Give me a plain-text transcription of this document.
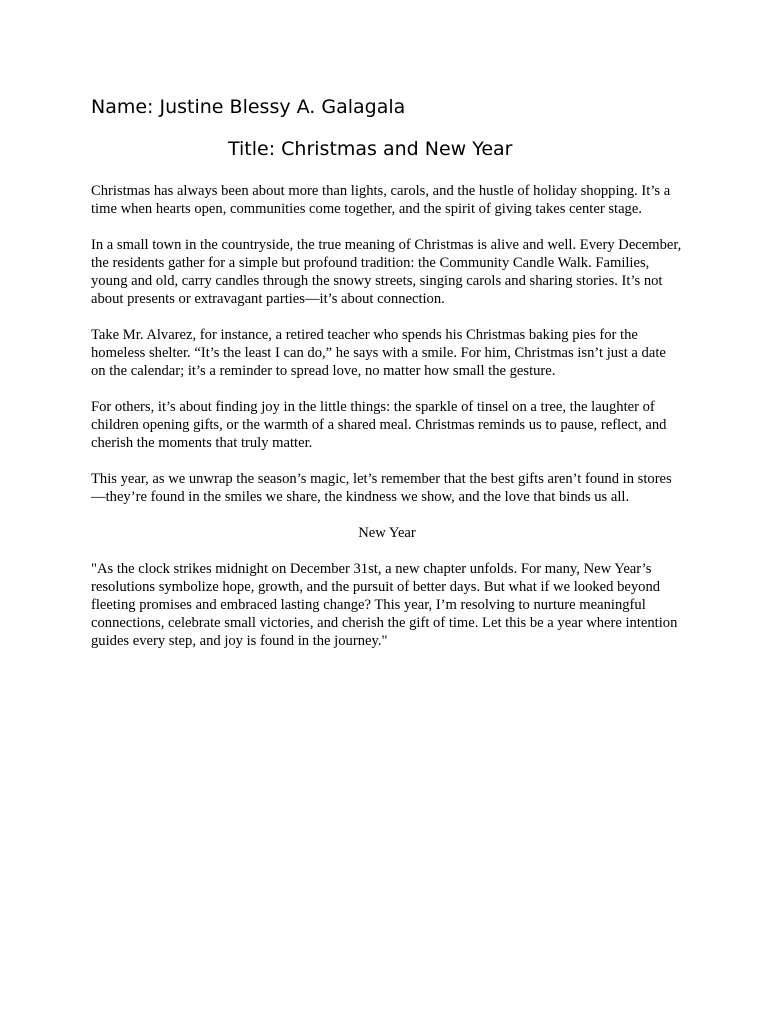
Name: Justine Blessy A. Galagala
Title: Christmas and New Year

Christmas has always been about more than lights, carols, and the hustle of holiday shopping. It’s a time when hearts open, communities come together, and the spirit of giving takes center stage.

In a small town in the countryside, the true meaning of Christmas is alive and well. Every December, the residents gather for a simple but profound tradition: the Community Candle Walk. Families, young and old, carry candles through the snowy streets, singing carols and sharing stories. It’s not about presents or extravagant parties—it’s about connection.

Take Mr. Alvarez, for instance, a retired teacher who spends his Christmas baking pies for the homeless shelter. “It’s the least I can do,” he says with a smile. For him, Christmas isn’t just a date on the calendar; it’s a reminder to spread love, no matter how small the gesture.

For others, it’s about finding joy in the little things: the sparkle of tinsel on a tree, the laughter of children opening gifts, or the warmth of a shared meal. Christmas reminds us to pause, reflect, and cherish the moments that truly matter.

This year, as we unwrap the season’s magic, let’s remember that the best gifts aren’t found in stores—they’re found in the smiles we share, the kindness we show, and the love that binds us all.

New Year

"As the clock strikes midnight on December 31st, a new chapter unfolds. For many, New Year’s resolutions symbolize hope, growth, and the pursuit of better days. But what if we looked beyond fleeting promises and embraced lasting change? This year, I’m resolving to nurture meaningful connections, celebrate small victories, and cherish the gift of time. Let this be a year where intention guides every step, and joy is found in the journey."
